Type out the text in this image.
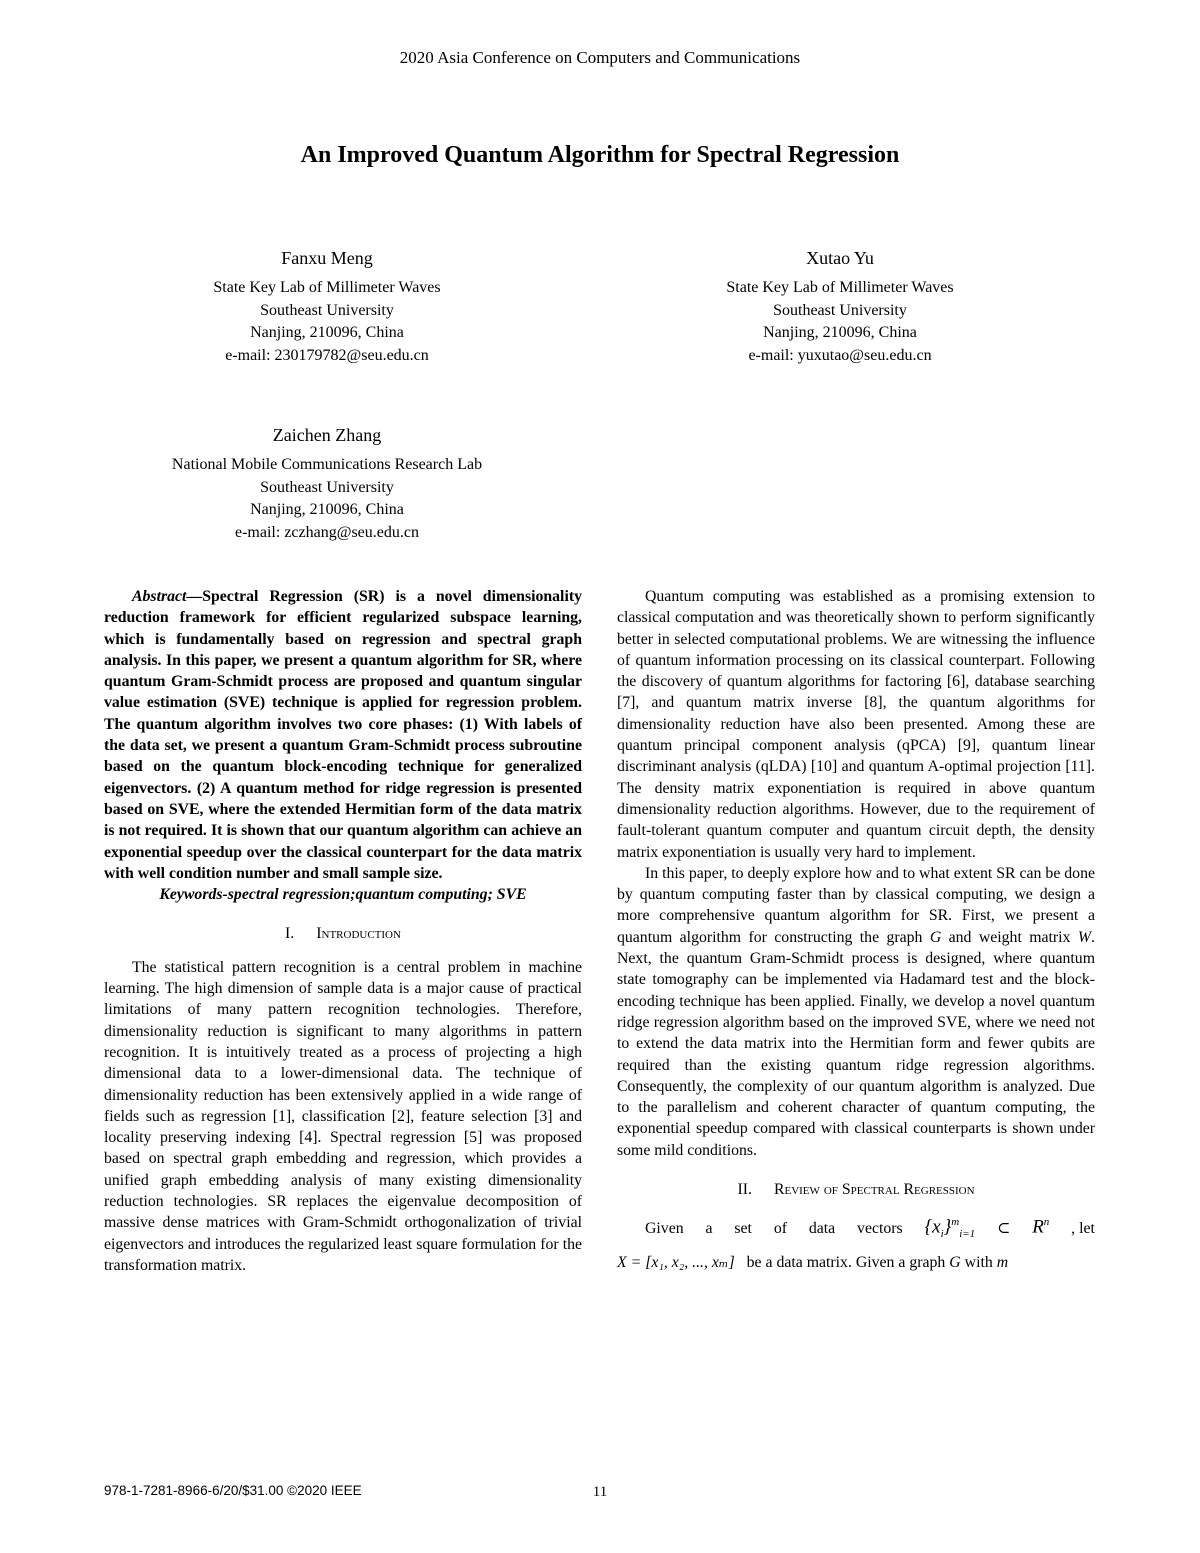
2020 Asia Conference on Computers and Communications
An Improved Quantum Algorithm for Spectral Regression
Fanxu Meng
State Key Lab of Millimeter Waves
Southeast University
Nanjing, 210096, China
e-mail: 230179782@seu.edu.cn
Xutao Yu
State Key Lab of Millimeter Waves
Southeast University
Nanjing, 210096, China
e-mail: yuxutao@seu.edu.cn
Zaichen Zhang
National Mobile Communications Research Lab
Southeast University
Nanjing, 210096, China
e-mail: zczhang@seu.edu.cn

Abstract—Spectral Regression (SR) is a novel dimensionality reduction framework for efficient regularized subspace learning, which is fundamentally based on regression and spectral graph analysis. In this paper, we present a quantum algorithm for SR, where quantum Gram-Schmidt process are proposed and quantum singular value estimation (SVE) technique is applied for regression problem. The quantum algorithm involves two core phases: (1) With labels of the data set, we present a quantum Gram-Schmidt process subroutine based on the quantum block-encoding technique for generalized eigenvectors. (2) A quantum method for ridge regression is presented based on SVE, where the extended Hermitian form of the data matrix is not required. It is shown that our quantum algorithm can achieve an exponential speedup over the classical counterpart for the data matrix with well condition number and small sample size.

Keywords-spectral regression;quantum computing; SVE

I. Introduction

The statistical pattern recognition is a central problem in machine learning. The high dimension of sample data is a major cause of practical limitations of many pattern recognition technologies. Therefore, dimensionality reduction is significant to many algorithms in pattern recognition. It is intuitively treated as a process of projecting a high dimensional data to a lower-dimensional data. The technique of dimensionality reduction has been extensively applied in a wide range of fields such as regression [1], classification [2], feature selection [3] and locality preserving indexing [4]. Spectral regression [5] was proposed based on spectral graph embedding and regression, which provides a unified graph embedding analysis of many existing dimensionality reduction technologies. SR replaces the eigenvalue decomposition of massive dense matrices with Gram-Schmidt orthogonalization of trivial eigenvectors and introduces the regularized least square formulation for the transformation matrix.

Quantum computing was established as a promising extension to classical computation and was theoretically shown to perform significantly better in selected computational problems. We are witnessing the influence of quantum information processing on its classical counterpart. Following the discovery of quantum algorithms for factoring [6], database searching [7], and quantum matrix inverse [8], the quantum algorithms for dimensionality reduction have also been presented. Among these are quantum principal component analysis (qPCA) [9], quantum linear discriminant analysis (qLDA) [10] and quantum A-optimal projection [11]. The density matrix exponentiation is required in above quantum dimensionality reduction algorithms. However, due to the requirement of fault-tolerant quantum computer and quantum circuit depth, the density matrix exponentiation is usually very hard to implement.

In this paper, to deeply explore how and to what extent SR can be done by quantum computing faster than by classical computing, we design a more comprehensive quantum algorithm for SR. First, we present a quantum algorithm for constructing the graph G and weight matrix W. Next, the quantum Gram-Schmidt process is designed, where quantum state tomography can be implemented via Hadamard test and the block-encoding technique has been applied. Finally, we develop a novel quantum ridge regression algorithm based on the improved SVE, where we need not to extend the data matrix into the Hermitian form and fewer qubits are required than the existing quantum ridge regression algorithms. Consequently, the complexity of our quantum algorithm is analyzed. Due to the parallelism and coherent character of quantum computing, the exponential speedup compared with classical counterparts is shown under some mild conditions.

II. Review of Spectral Regression
Given a set of data vectors $\{x_i\}^m_{i=1}$ ⊂ $R^n$ , let
X = [x₁, x₂, ..., xₘ] be a data matrix. Given a graph G with m
978-1-7281-8966-6/20/$31.00 ©2020 IEEE	11
